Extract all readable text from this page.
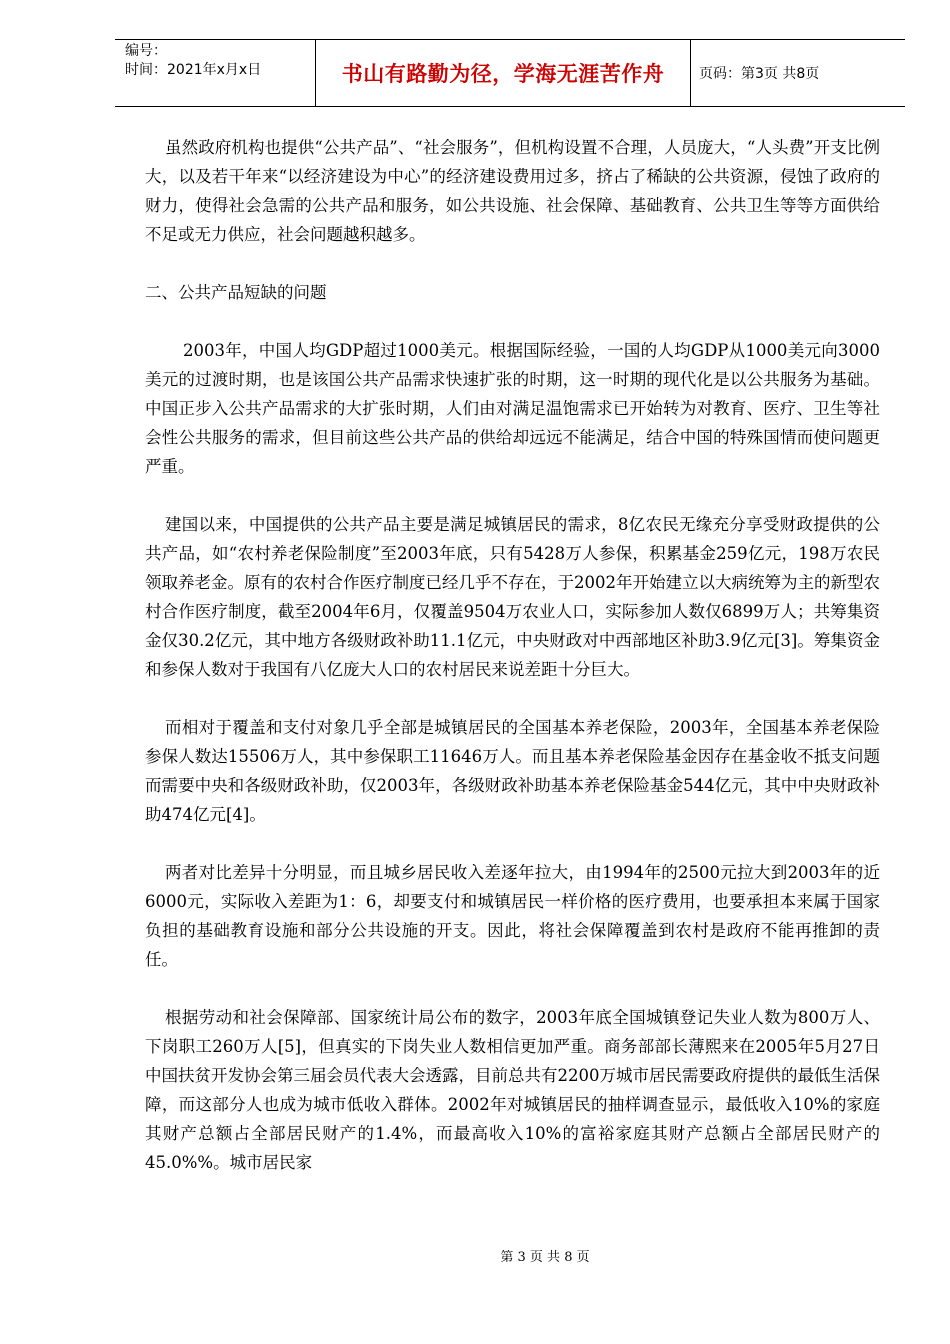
编号：
时间：2021年x月x日	书山有路勤为径，学海无涯苦作舟	页码：第3页 共8页

虽然政府机构也提供“公共产品”、“社会服务”，但机构设置不合理，人员庞大，“人头费”开支比例大，以及若干年来“以经济建设为中心”的经济建设费用过多，挤占了稀缺的公共资源，侵蚀了政府的财力，使得社会急需的公共产品和服务，如公共设施、社会保障、基础教育、公共卫生等等方面供给不足或无力供应，社会问题越积越多。

二、公共产品短缺的问题

2003年，中国人均GDP超过1000美元。根据国际经验，一国的人均GDP从1000美元向3000美元的过渡时期，也是该国公共产品需求快速扩张的时期，这一时期的现代化是以公共服务为基础。中国正步入公共产品需求的大扩张时期，人们由对满足温饱需求已开始转为对教育、医疗、卫生等社会性公共服务的需求，但目前这些公共产品的供给却远远不能满足，结合中国的特殊国情而使问题更严重。

建国以来，中国提供的公共产品主要是满足城镇居民的需求，8亿农民无缘充分享受财政提供的公共产品，如“农村养老保险制度”至2003年底，只有5428万人参保，积累基金259亿元，198万农民领取养老金。原有的农村合作医疗制度已经几乎不存在，于2002年开始建立以大病统筹为主的新型农村合作医疗制度，截至2004年6月，仅覆盖9504万农业人口，实际参加人数仅6899万人；共筹集资金仅30.2亿元，其中地方各级财政补助11.1亿元，中央财政对中西部地区补助3.9亿元[3]。筹集资金和参保人数对于我国有八亿庞大人口的农村居民来说差距十分巨大。

而相对于覆盖和支付对象几乎全部是城镇居民的全国基本养老保险，2003年，全国基本养老保险参保人数达15506万人，其中参保职工11646万人。而且基本养老保险基金因存在基金收不抵支问题而需要中央和各级财政补助，仅2003年，各级财政补助基本养老保险基金544亿元，其中中央财政补助474亿元[4]。

两者对比差异十分明显，而且城乡居民收入差逐年拉大，由1994年的2500元拉大到2003年的近6000元，实际收入差距为1：6，却要支付和城镇居民一样价格的医疗费用，也要承担本来属于国家负担的基础教育设施和部分公共设施的开支。因此，将社会保障覆盖到农村是政府不能再推卸的责任。

根据劳动和社会保障部、国家统计局公布的数字，2003年底全国城镇登记失业人数为800万人、下岗职工260万人[5]，但真实的下岗失业人数相信更加严重。商务部部长薄熙来在2005年5月27日中国扶贫开发协会第三届会员代表大会透露，目前总共有2200万城市居民需要政府提供的最低生活保障，而这部分人也成为城市低收入群体。2002年对城镇居民的抽样调查显示，最低收入10%的家庭其财产总额占全部居民财产的1.4%，而最高收入10%的富裕家庭其财产总额占全部居民财产的45.0%%。城市居民家

第 3 页 共 8 页
